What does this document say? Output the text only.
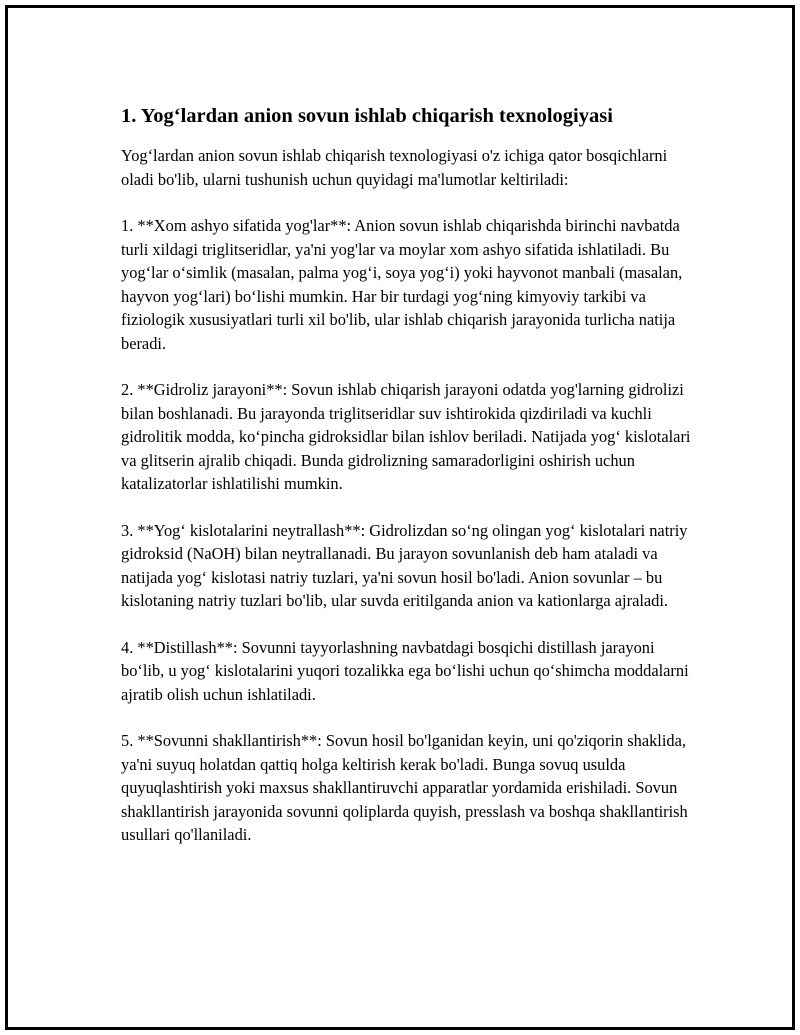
1. Yog‘lardan anion sovun ishlab chiqarish texnologiyasi

Yog‘lardan anion sovun ishlab chiqarish texnologiyasi o'z ichiga qator bosqichlarni oladi bo'lib, ularni tushunish uchun quyidagi ma'lumotlar keltiriladi:

1. **Xom ashyo sifatida yog'lar**: Anion sovun ishlab chiqarishda birinchi navbatda turli xildagi triglitseridlar, ya'ni yog'lar va moylar xom ashyo sifatida ishlatiladi. Bu yog‘lar o‘simlik (masalan, palma yog‘i, soya yog‘i) yoki hayvonot manbali (masalan, hayvon yog‘lari) bo‘lishi mumkin. Har bir turdagi yog‘ning kimyoviy tarkibi va fiziologik xususiyatlari turli xil bo'lib, ular ishlab chiqarish jarayonida turlicha natija beradi.

2. **Gidroliz jarayoni**: Sovun ishlab chiqarish jarayoni odatda yog'larning gidrolizi bilan boshlanadi. Bu jarayonda triglitseridlar suv ishtirokida qizdiriladi va kuchli gidrolitik modda, ko‘pincha gidroksidlar bilan ishlov beriladi. Natijada yog‘ kislotalari va glitserin ajralib chiqadi. Bunda gidrolizning samaradorligini oshirish uchun katalizatorlar ishlatilishi mumkin.

3. **Yog‘ kislotalarini neytrallash**: Gidrolizdan so‘ng olingan yog‘ kislotalari natriy gidroksid (NaOH) bilan neytrallanadi. Bu jarayon sovunlanish deb ham ataladi va natijada yog‘ kislotasi natriy tuzlari, ya'ni sovun hosil bo'ladi. Anion sovunlar – bu kislotaning natriy tuzlari bo'lib, ular suvda eritilganda anion va kationlarga ajraladi.

4. **Distillash**: Sovunni tayyorlashning navbatdagi bosqichi distillash jarayoni bo‘lib, u yog‘ kislotalarini yuqori tozalikka ega bo‘lishi uchun qo‘shimcha moddalarni ajratib olish uchun ishlatiladi.

5. **Sovunni shakllantirish**: Sovun hosil bo'lganidan keyin, uni qo'ziqorin shaklida, ya'ni suyuq holatdan qattiq holga keltirish kerak bo'ladi. Bunga sovuq usulda quyuqlashtirish yoki maxsus shakllantiruvchi apparatlar yordamida erishiladi. Sovun shakllantirish jarayonida sovunni qoliplarda quyish, presslash va boshqa shakllantirish usullari qo'llaniladi.
